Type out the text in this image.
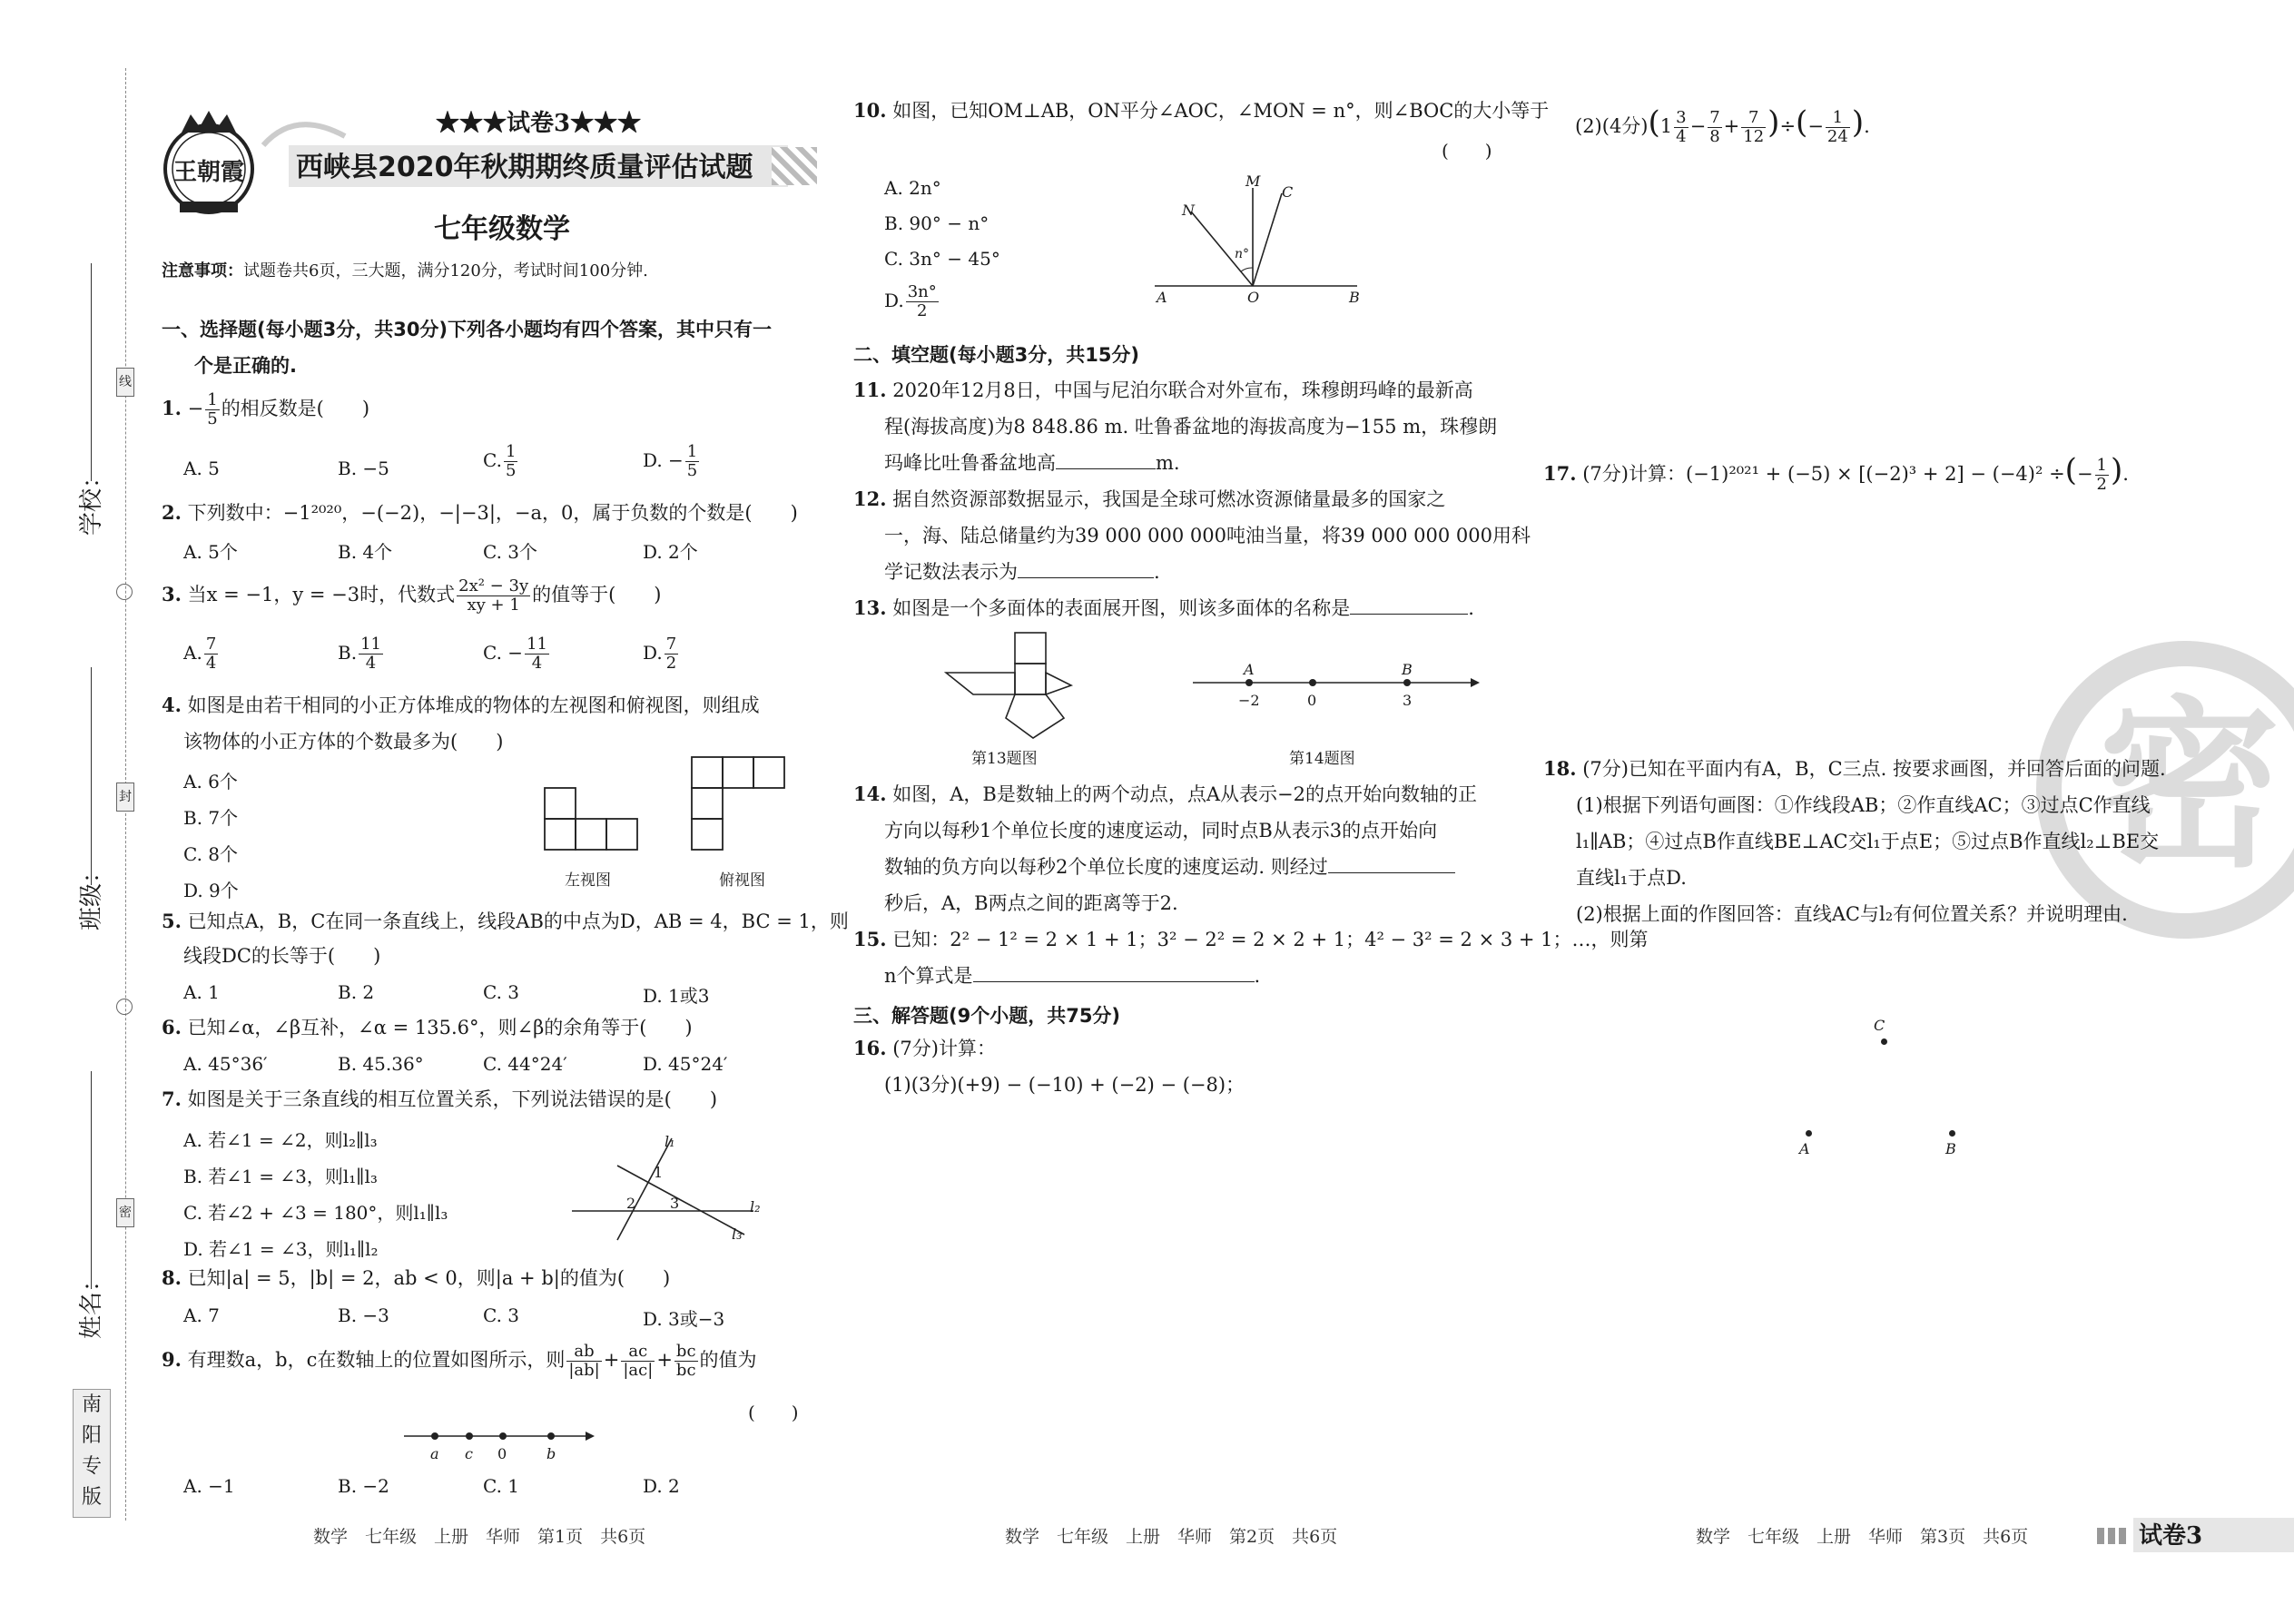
学校：
班级：
姓名：
线
封
密
南
阳
专
版
王朝霞
★★★试卷3★★★
西峡县2020年秋期期终质量评估试题
七年级数学
注意事项：试题卷共6页，三大题，满分120分，考试时间100分钟.
一、选择题(每小题3分，共30分)下列各小题均有四个答案，其中只有一
个是正确的.
1. − $\frac{1}{5}$ 的相反数是(　　)
A. 5	B. −5	C. $\frac{1}{5}$	D. − $\frac{1}{5}$
2. 下列数中：−1²⁰²⁰，−(−2)，−|−3|，−a，0，属于负数的个数是(　　)
A. 5个	B. 4个	C. 3个	D. 2个
3. 当x = −1，y = −3时，代数式 $\frac{\text{2x² − 3y}}{xy + 1}$ 的值等于(　　)
A. $\frac{7}{4}$	B. $\frac{11}{4}$	C. − $\frac{11}{4}$	D. $\frac{7}{2}$
4. 如图是由若干相同的小正方体堆成的物体的左视图和俯视图，则组成
该物体的小正方体的个数最多为(　　)
A. 6个
B. 7个
C. 8个
D. 9个	左视图	俯视图
5. 已知点A，B，C在同一条直线上，线段AB的中点为D，AB = 4，BC = 1，则
线段DC的长等于(　　)
A. 1	B. 2	C. 3	D. 1或3
6. 已知∠α，∠β互补，∠α = 135.6°，则∠β的余角等于(　　)
A. 45°36′	B. 45.36°	C. 44°24′	D. 45°24′
7. 如图是关于三条直线的相互位置关系，下列说法错误的是(　　)
A. 若∠1 = ∠2，则l₂∥l₃
B. 若∠1 = ∠3，则l₁∥l₃
C. 若∠2 + ∠3 = 180°，则l₁∥l₃
D. 若∠1 = ∠3，则l₁∥l₂
l₁
l₂
l₃
1
2 3
8. 已知|a| = 5，|b| = 2，ab < 0，则|a + b|的值为(　　)
A. 7	B. −3	C. 3	D. 3或−3
9. 有理数a，b，c在数轴上的位置如图所示，则 $\frac{ab}{|ab|} + \frac{ac}{|ac|} + \frac{bc}{bc}$ 的值为
(　　)
a c 0	b
A. −1	B. −2	C. 1	D. 2
数学　七年级　上册　华师　第1页　共6页
10. 如图，已知OM⊥AB，ON平分∠AOC，∠MON = n°，则∠BOC的大小等于
(　　)
A. 2n°
B. 90° − n°
C. 3n° − 45°
D. $\frac{3n^\circ}{2}$
M
N
C
n°
A	O	B
二、填空题(每小题3分，共15分)
11. 2020年12月8日，中国与尼泊尔联合对外宣布，珠穆朗玛峰的最新高
程(海拔高度)为8 848.86 m. 吐鲁番盆地的海拔高度为−155 m，珠穆朗
玛峰比吐鲁番盆地高	m.
12. 据自然资源部数据显示，我国是全球可燃冰资源储量最多的国家之
一，海、陆总储量约为39 000 000 000吨油当量，将39 000 000 000用科
学记数法表示为	.
13. 如图是一个多面体的表面展开图，则该多面体的名称是	.
第13题图
A	B
−2	0	3
第14题图
14. 如图，A，B是数轴上的两个动点，点A从表示−2的点开始向数轴的正
方向以每秒1个单位长度的速度运动，同时点B从表示3的点开始向
数轴的负方向以每秒2个单位长度的速度运动. 则经过
秒后，A，B两点之间的距离等于2.
15. 已知：2² − 1² = 2 × 1 + 1；3² − 2² = 2 × 2 + 1；4² − 3² = 2 × 3 + 1；…，则第
n个算式是	.
三、解答题(9个小题，共75分)
16. (7分)计算：
(1)(3分)(+9) − (−10) + (−2) − (−8)；
数学　七年级　上册　华师　第2页　共6页
(2)(4分)($1 \frac{3}{4} - \frac{7}{8} + \frac{7}{12}$ )÷(− $\frac{1}{24}$ ).
17. (7分)计算：(−1)²⁰²¹ + (−5) × [(−2)³ + 2] − (−4)² ÷(− $\frac{1}{2}$ ).
密
18. (7分)已知在平面内有A，B，C三点. 按要求画图，并回答后面的问题.
(1)根据下列语句画图：①作线段AB；②作直线AC；③过点C作直线
l₁∥AB；④过点B作直线BE⊥AC交l₁于点E；⑤过点B作直线l₂⊥BE交
直线l₁于点D.
(2)根据上面的作图回答：直线AC与l₂有何位置关系？并说明理由.
C
A	B
数学　七年级　上册　华师　第3页　共6页	试卷3
